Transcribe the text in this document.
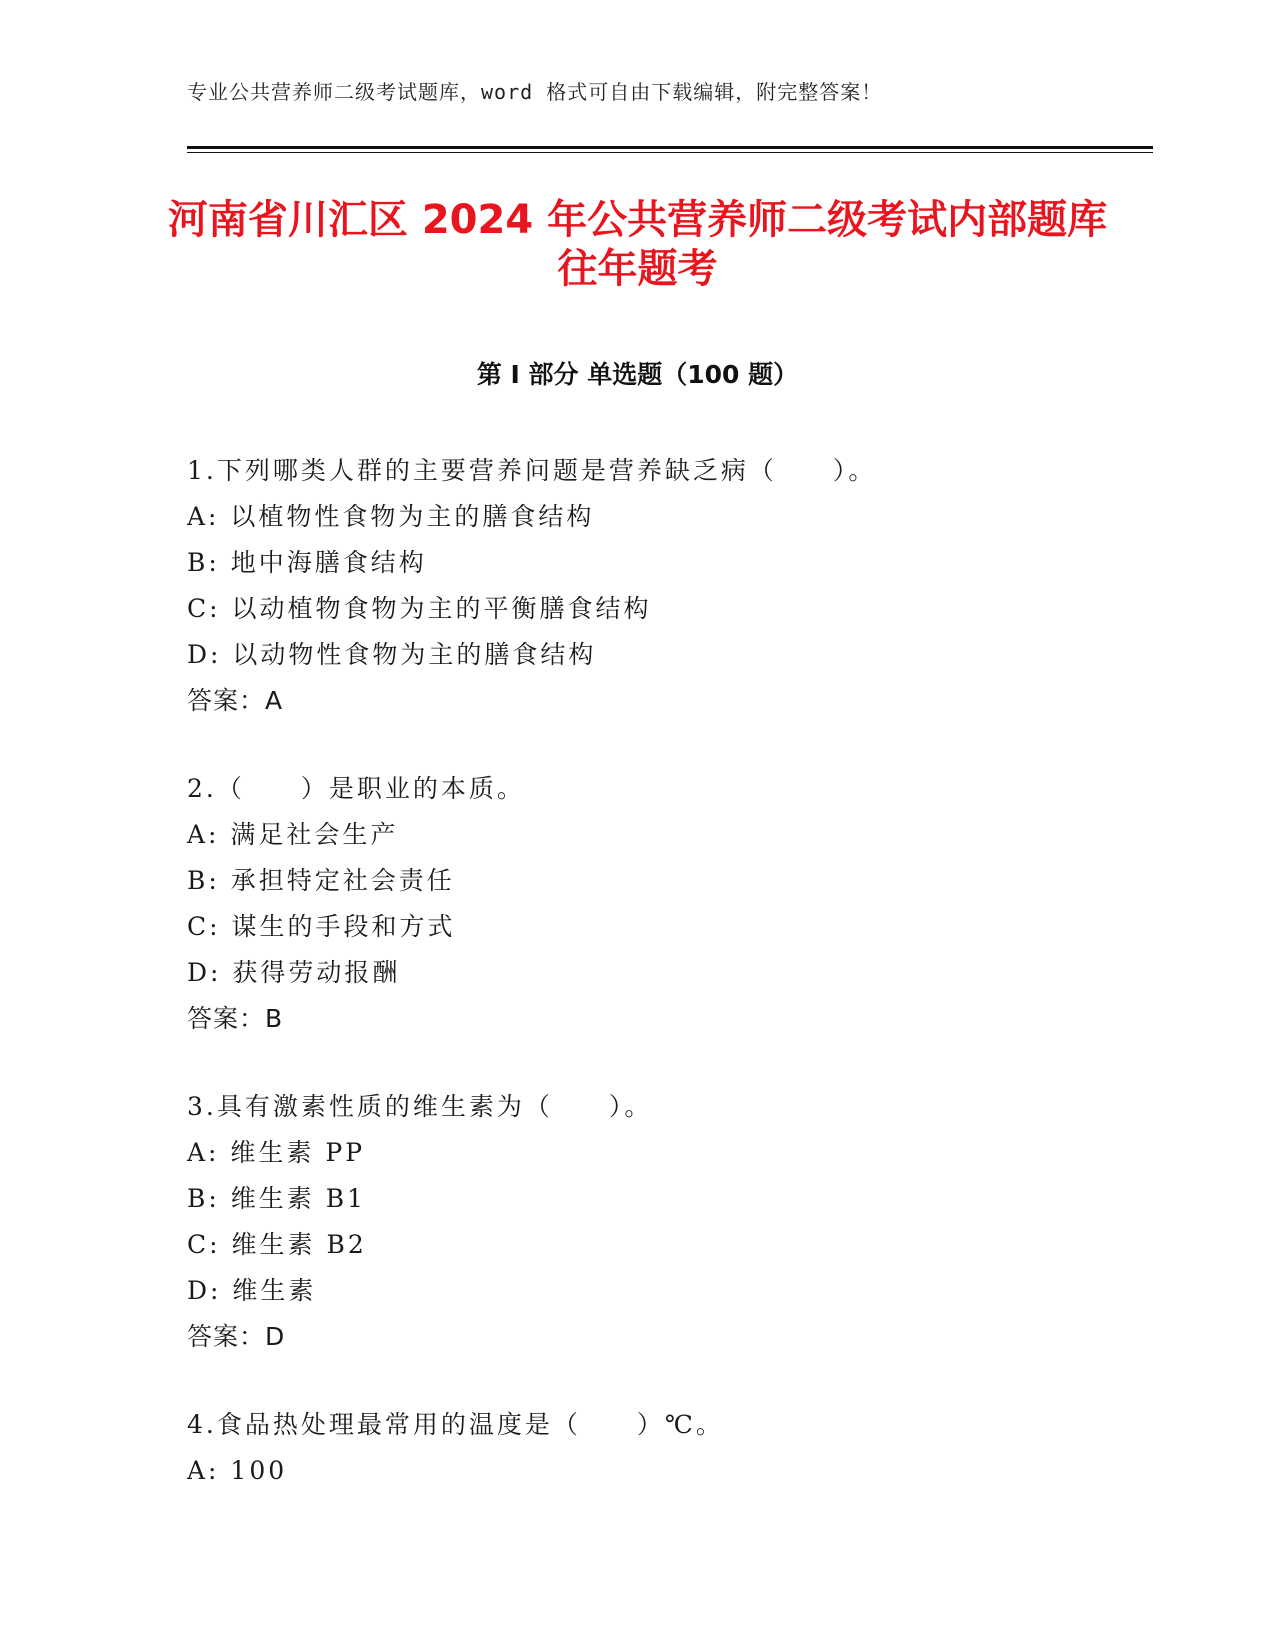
专业公共营养师二级考试题库，word 格式可自由下载编辑，附完整答案！
河南省川汇区 2024 年公共营养师二级考试内部题库往年题考
第 I 部分 单选题（100 题）
1.下列哪类人群的主要营养问题是营养缺乏病（　　）。
A: 以植物性食物为主的膳食结构
B: 地中海膳食结构
C: 以动植物食物为主的平衡膳食结构
D: 以动物性食物为主的膳食结构
答案：A
2.（　　）是职业的本质。
A: 满足社会生产
B: 承担特定社会责任
C: 谋生的手段和方式
D: 获得劳动报酬
答案：B
3.具有激素性质的维生素为（　　）。
A: 维生素 PP
B: 维生素 B1
C: 维生素 B2
D: 维生素
答案：D
4.食品热处理最常用的温度是（　　）℃。
A: 100
